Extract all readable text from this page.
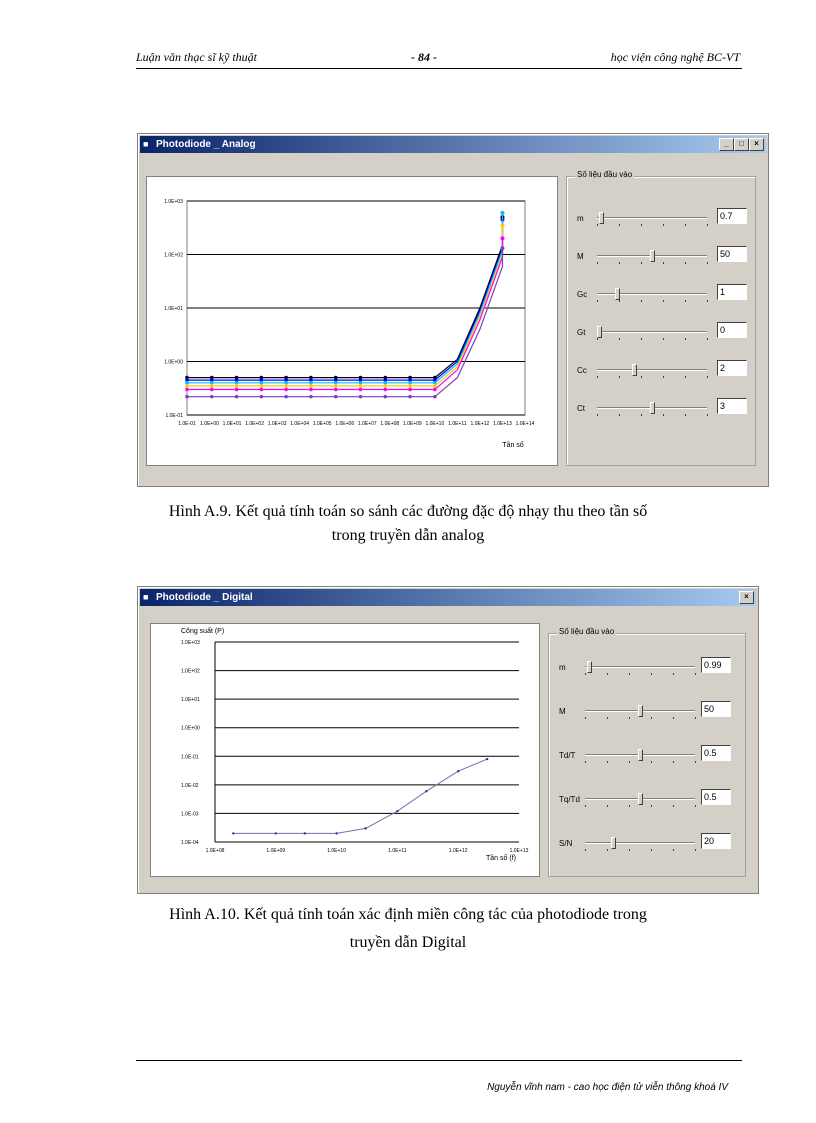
Luận văn thạc sĩ kỹ thuật	- 84 -	học viện công nghệ BC-VT
■ Photodiode _ Analog	_	□	×
1.0E-01
1.0E+00
1.0E+01
1.0E+02
1.0E+03
1.0E-01 1.0E+00 1.0E+01 1.0E+02 1.0E+03 1.0E+04 1.0E+05 1.0E+06 1.0E+07 1.0E+08 1.0E+09 1.0E+10 1.0E+11 1.0E+12 1.0E+13 1.0E+14
Tần số
Số liệu đầu vào
m	0.7
M	50
Gc	1
Gt	0
Cc	2
Ct	3
Hình A.9. Kết quả tính toán so sánh các đường đặc độ nhạy thu theo tần số
trong truyền dẫn analog
■ Photodiode _ Digital	×
Công suất (P)
1.0E+03
1.0E+02
1.0E+01
1.0E+00
1.0E-01
1.0E-02
1.0E-03
1.0E-04
1.0E+08	1.0E+09	1.0E+10	1.0E+11	1.0E+12	1.0E+13
Tần số (f)
Số liệu đầu vào
m	0.99
M	50
Td/T	0.5
Tq/Td	0.5
S/N	20
Hình A.10. Kết quả tính toán xác định miền công tác của photodiode trong
truyền dẫn Digital
Nguyễn vĩnh nam - cao học điện tử viễn thông khoá IV
